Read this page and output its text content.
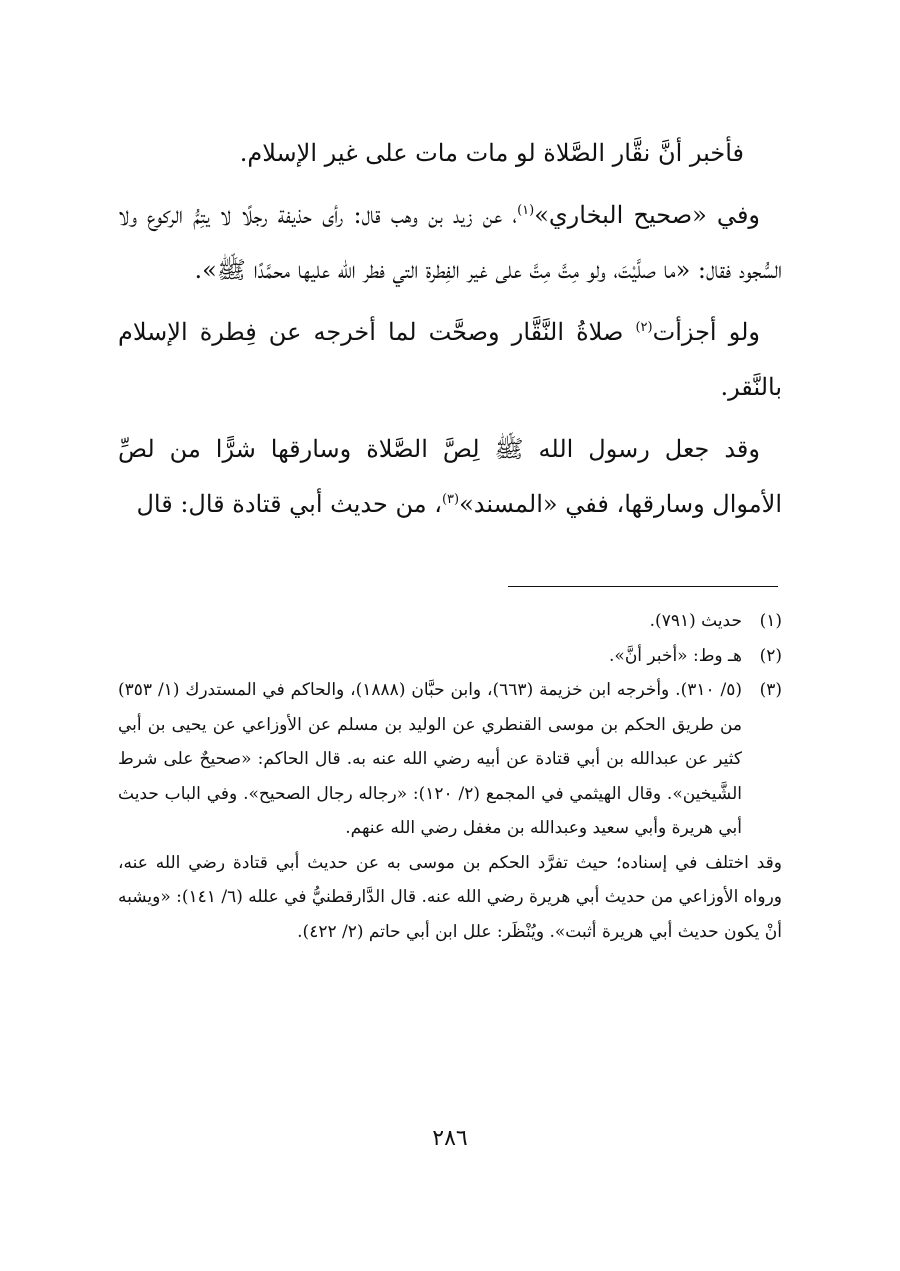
فأخبر أنَّ نقَّار الصَّلاة لو مات مات على غير الإسلام.

وفي «صحيح البخاري»$^{(١)}$، عن زيد بن وهب قال: رأى حذيفة رجلًا لا يتِمُّ الركوع ولا السُّجود فقال: «ما صلَّيْتَ، ولو مِتَّ مِتَّ على غير الفِطرة التي فطر الله عليها محمَّدًا ﷺ».

ولو أجزأت$^{(٢)}$ صلاةُ النَّقَّار وصحَّت لما أخرجه عن فِطرة الإسلام بالنَّقر.

وقد جعل رسول الله ﷺ لِصَّ الصَّلاة وسارقها شرًّا من لصِّ الأموال وسارقها، ففي «المسند»$^{(٣)}$، من حديث أبي قتادة قال: قال

(١)
حديث (٧٩١).
(٢)
هـ وط: «أخبر أنَّ».
(٣)
(٥/ ٣١٠). وأخرجه ابن خزيمة (٦٦٣)، وابن حبَّان (١٨٨٨)، والحاكم في المستدرك (١/ ٣٥٣) من طريق الحكم بن موسى القنطري عن الوليد بن مسلم عن الأوزاعي عن يحيى بن أبي كثير عن عبدالله بن أبي قتادة عن أبيه رضي الله عنه به. قال الحاكم: «صحيحٌ على شرط الشَّيخين». وقال الهيثمي في المجمع (٢/ ١٢٠): «رجاله رجال الصحيح». وفي الباب حديث أبي هريرة وأبي سعيد وعبدالله بن مغفل رضي الله عنهم.

وقد اختلف في إسناده؛ حيث تفرَّد الحكم بن موسى به عن حديث أبي قتادة رضي الله عنه، ورواه الأوزاعي من حديث أبي هريرة رضي الله عنه. قال الدَّارقطنيُّ في علله (٦/ ١٤١): «ويشبه أنْ يكون حديث أبي هريرة أثبت». ويُنْظَر: علل ابن أبي حاتم (٢/ ٤٢٢).

٢٨٦
